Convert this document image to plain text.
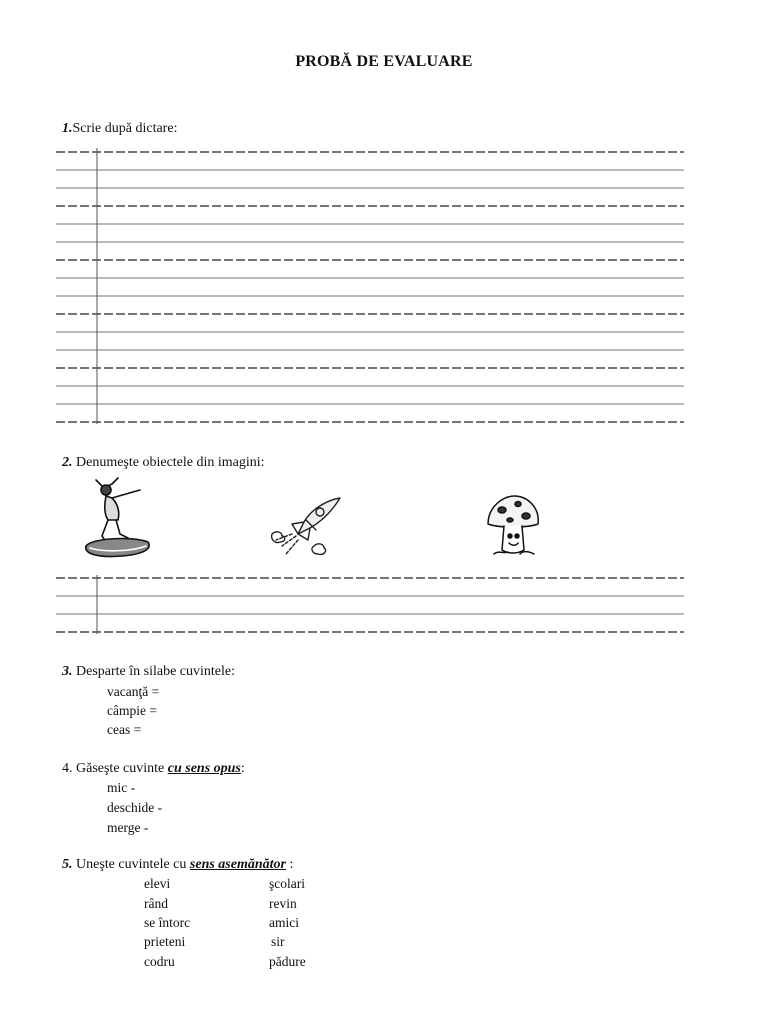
PROBĂ DE EVALUARE
1.Scrie după dictare:
2. Denumeşte obiectele din imagini:
3. Desparte în silabe cuvintele:
vacanţă =
câmpie =
ceas =
4. Găseşte cuvinte cu sens opus:
mic -
deschide -
merge -
5. Uneşte cuvintele cu sens asemănător :
elevi
rând
se întorc
prieteni
codru
şcolari
revin
amici
sir
pădure
